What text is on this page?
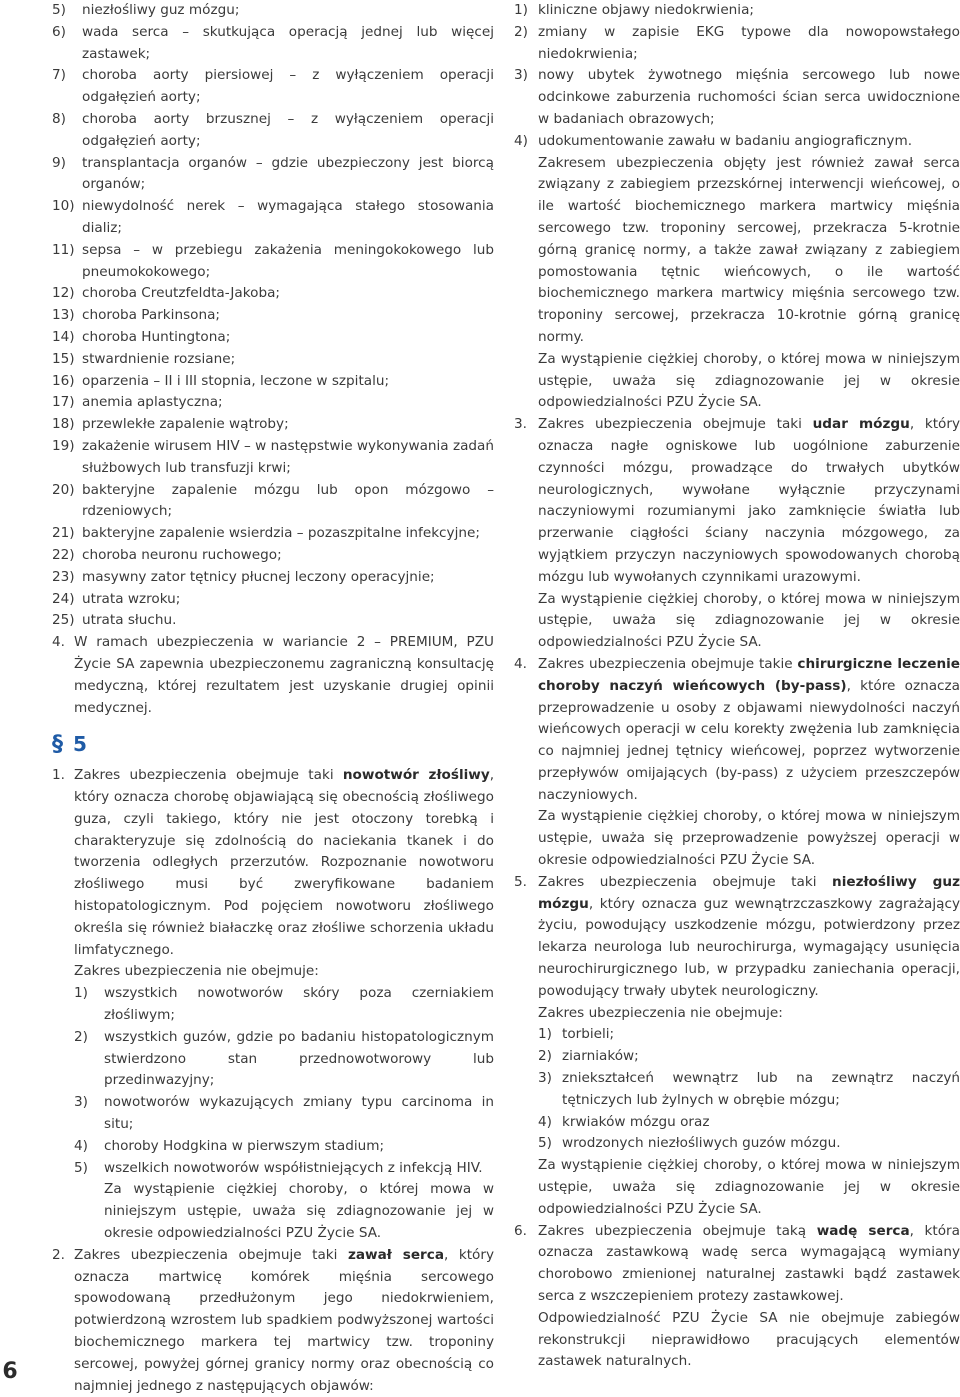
5)	niezłośliwy guz mózgu;
6)	wada serca – skutkująca operacją jednej lub więcej zastawek;
7)	choroba aorty piersiowej – z wyłączeniem operacji odgałęzień aorty;
8)	choroba aorty brzusznej – z wyłączeniem operacji odgałęzień aorty;
9)	transplantacja organów – gdzie ubezpieczony jest biorcą organów;
10) niewydolność nerek – wymagająca stałego stosowania dializ;
11) sepsa – w przebiegu zakażenia meningokokowego lub pneumokokowego;
12) choroba Creutzfeldta-Jakoba;
13) choroba Parkinsona;
14) choroba Huntingtona;
15) stwardnienie rozsiane;
16) oparzenia – II i III stopnia, leczone w szpitalu;
17) anemia aplastyczna;
18) przewlekłe zapalenie wątroby;
19) zakażenie wirusem HIV – w następstwie wykonywania zadań służbowych lub transfuzji krwi;
20) bakteryjne zapalenie mózgu lub opon mózgowo – rdzeniowych;
21) bakteryjne zapalenie wsierdzia – pozaszpitalne infekcyjne;
22) choroba neuronu ruchowego;
23) masywny zator tętnicy płucnej leczony operacyjnie;
24) utrata wzroku;
25) utrata słuchu.
4. W ramach ubezpieczenia w wariancie 2 – PREMIUM, PZU Życie SA zapewnia ubezpieczonemu zagraniczną konsultację medyczną, której rezultatem jest uzyskanie drugiej opinii medycznej.
§ 5
1. Zakres ubezpieczenia obejmuje taki nowotwór złośliwy, który oznacza chorobę objawiającą się obecnością złośliwego guza, czyli takiego, który nie jest otoczony torebką i charakteryzuje się zdolnością do naciekania tkanek i do tworzenia odległych przerzutów. Rozpoznanie nowotworu złośliwego musi być zweryfikowane badaniem histopatologicznym. Pod pojęciem nowotworu złośliwego określa się również białaczkę oraz złośliwe schorzenia układu limfatycznego.

Zakres ubezpieczenia nie obejmuje:

1)	wszystkich nowotworów skóry poza czerniakiem złośliwym;
2)	wszystkich guzów, gdzie po badaniu histopatologicznym stwierdzono stan przednowotworowy lub przedinwazyjny;
3)	nowotworów wykazujących zmiany typu carcinoma in situ;
4)	choroby Hodgkina w pierwszym stadium;
5)	wszelkich nowotworów współistniejących z infekcją HIV.

Za wystąpienie ciężkiej choroby, o której mowa w niniejszym ustępie, uważa się zdiagnozowanie jej w okresie odpowiedzialności PZU Życie SA.

2. Zakres ubezpieczenia obejmuje taki zawał serca, który oznacza martwicę komórek mięśnia sercowego spowodowaną przedłużonym jego niedokrwieniem, potwierdzoną wzrostem lub spadkiem podwyższonej wartości biochemicznego markera tej martwicy tzw. troponiny sercowej, powyżej górnej granicy normy oraz obecnością co najmniej jednego z następujących objawów:
1) kliniczne objawy niedokrwienia;
2) zmiany w zapisie EKG typowe dla nowopowstałego niedokrwienia;
3) nowy ubytek żywotnego mięśnia sercowego lub nowe odcinkowe zaburzenia ruchomości ścian serca uwidocznione w badaniach obrazowych;
4) udokumentowanie zawału w badaniu angiograficznym.

Zakresem ubezpieczenia objęty jest również zawał serca związany z zabiegiem przezskórnej interwencji wieńcowej, o ile wartość biochemicznego markera martwicy mięśnia sercowego tzw. troponiny sercowej, przekracza 5-krotnie górną granicę normy, a także zawał związany z zabiegiem pomostowania tętnic wieńcowych, o ile wartość biochemicznego markera martwicy mięśnia sercowego tzw. troponiny sercowej, przekracza 10-krotnie górną granicę normy.

Za wystąpienie ciężkiej choroby, o której mowa w niniejszym ustępie, uważa się zdiagnozowanie jej w okresie odpowiedzialności PZU Życie SA.

3. Zakres ubezpieczenia obejmuje taki udar mózgu, który oznacza nagłe ogniskowe lub uogólnione zaburzenie czynności mózgu, prowadzące do trwałych ubytków neurologicznych, wywołane wyłącznie przyczynami naczyniowymi rozumianymi jako zamknięcie światła lub przerwanie ciągłości ściany naczynia mózgowego, za wyjątkiem przyczyn naczyniowych spowodowanych chorobą mózgu lub wywołanych czynnikami urazowymi.

Za wystąpienie ciężkiej choroby, o której mowa w niniejszym ustępie, uważa się zdiagnozowanie jej w okresie odpowiedzialności PZU Życie SA.

4. Zakres ubezpieczenia obejmuje takie chirurgiczne leczenie choroby naczyń wieńcowych (by-pass), które oznacza przeprowadzenie u osoby z objawami niewydolności naczyń wieńcowych operacji w celu korekty zwężenia lub zamknięcia co najmniej jednej tętnicy wieńcowej, poprzez wytworzenie przepływów omijających (by-pass) z użyciem przeszczepów naczyniowych.

Za wystąpienie ciężkiej choroby, o której mowa w niniejszym ustępie, uważa się przeprowadzenie powyższej operacji w okresie odpowiedzialności PZU Życie SA.

5. Zakres ubezpieczenia obejmuje taki niezłośliwy guz mózgu, który oznacza guz wewnątrzczaszkowy zagrażający życiu, powodujący uszkodzenie mózgu, potwierdzony przez lekarza neurologa lub neurochirurga, wymagający usunięcia neurochirurgicznego lub, w przypadku zaniechania operacji, powodujący trwały ubytek neurologiczny.

Zakres ubezpieczenia nie obejmuje:

1) torbieli;
2) ziarniaków;
3) zniekształceń wewnątrz lub na zewnątrz naczyń tętniczych lub żylnych w obrębie mózgu;
4) krwiaków mózgu oraz
5) wrodzonych niezłośliwych guzów mózgu.

Za wystąpienie ciężkiej choroby, o której mowa w niniejszym ustępie, uważa się zdiagnozowanie jej w okresie odpowiedzialności PZU Życie SA.

6. Zakres ubezpieczenia obejmuje taką wadę serca, która oznacza zastawkową wadę serca wymagającą wymiany chorobowo zmienionej naturalnej zastawki bądź zastawek serca z wszczepieniem protezy zastawkowej.

Odpowiedzialność PZU Życie SA nie obejmuje zabiegów rekonstrukcji nieprawidłowo pracujących elementów zastawek naturalnych.

6
